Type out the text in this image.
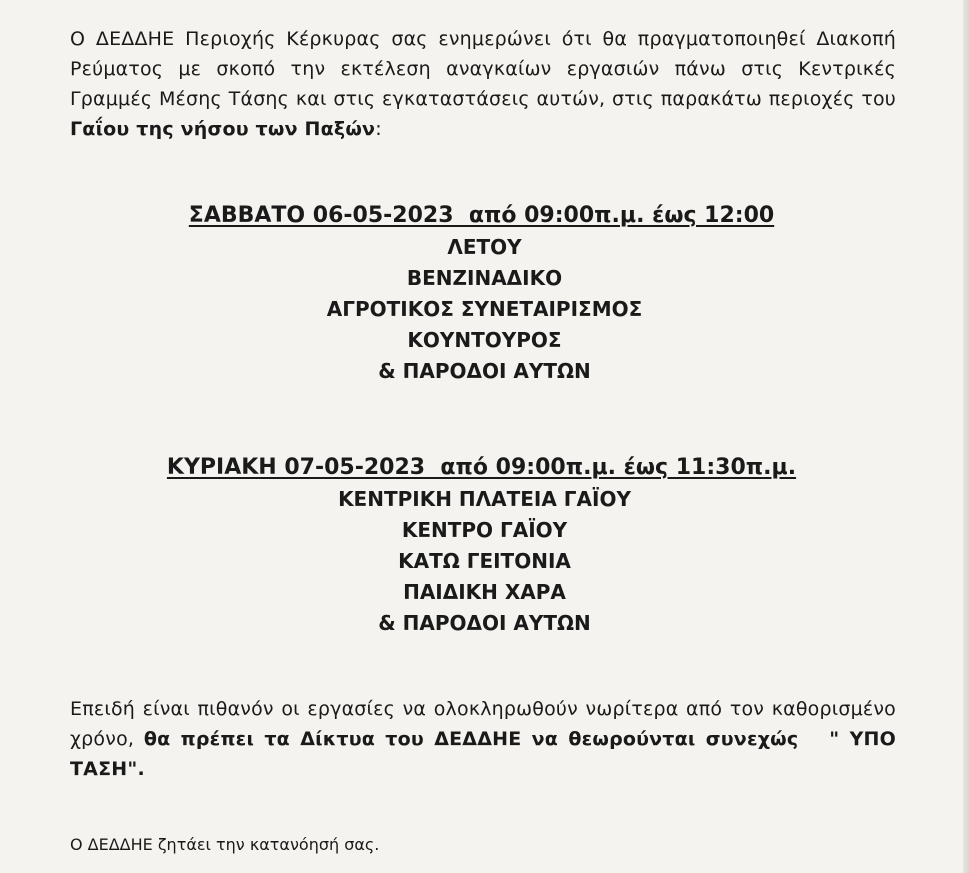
Ο ΔΕΔΔΗΕ Περιοχής Κέρκυρας σας ενημερώνει ότι θα πραγματοποιηθεί Διακοπή Ρεύματος με σκοπό την εκτέλεση αναγκαίων εργασιών πάνω στις Κεντρικές Γραμμές Μέσης Τάσης και στις εγκαταστάσεις αυτών, στις παρακάτω περιοχές του Γαΐου της νήσου των Παξών:

ΣΑΒΒΑΤΟ 06-05-2023  από 09:00π.μ. έως 12:00
ΛΕΤΟΥ
ΒΕΝΖΙΝΑΔΙΚΟ
ΑΓΡΟΤΙΚΟΣ ΣΥΝΕΤΑΙΡΙΣΜΟΣ
ΚΟΥΝΤΟΥΡΟΣ
& ΠΑΡΟΔΟΙ ΑΥΤΩΝ
ΚΥΡΙΑΚΗ 07-05-2023  από 09:00π.μ. έως 11:30π.μ.
ΚΕΝΤΡΙΚΗ ΠΛΑΤΕΙΑ ΓΑΪΟΥ
ΚΕΝΤΡΟ ΓΑΪΟΥ
ΚΑΤΩ ΓΕΙΤΟΝΙΑ
ΠΑΙΔΙΚΗ ΧΑΡΑ
& ΠΑΡΟΔΟΙ ΑΥΤΩΝ

Επειδή είναι πιθανόν οι εργασίες να ολοκληρωθούν νωρίτερα από τον καθορισμένο χρόνο, θα πρέπει τα Δίκτυα του ΔΕΔΔΗΕ να θεωρούνται συνεχώς   " ΥΠΟ ΤΑΣΗ".

Ο ΔΕΔΔΗΕ ζητάει την κατανόησή σας.
